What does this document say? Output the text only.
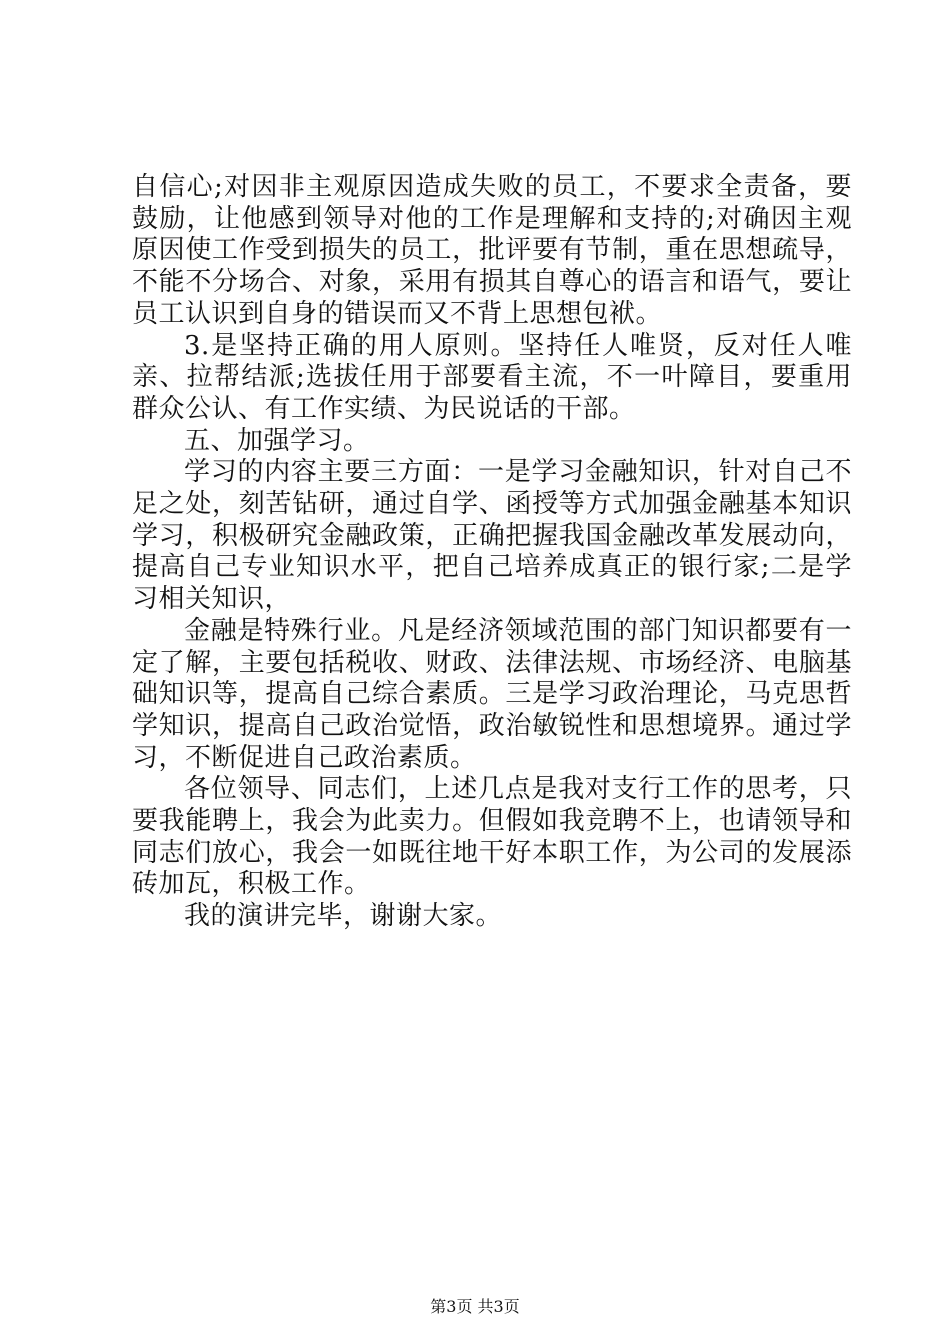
自信心;对因非主观原因造成失败的员工，不要求全责备，要鼓励，让他感到领导对他的工作是理解和支持的;对确因主观原因使工作受到损失的员工，批评要有节制，重在思想疏导，不能不分场合、对象，采用有损其自尊心的语言和语气，要让员工认识到自身的错误而又不背上思想包袱。

3.是坚持正确的用人原则。坚持任人唯贤，反对任人唯亲、拉帮结派;选拔任用于部要看主流，不一叶障目，要重用群众公认、有工作实绩、为民说话的干部。

五、加强学习。

学习的内容主要三方面：一是学习金融知识，针对自己不足之处，刻苦钻研，通过自学、函授等方式加强金融基本知识学习，积极研究金融政策，正确把握我国金融改革发展动向，提高自己专业知识水平，把自己培养成真正的银行家;二是学习相关知识，

金融是特殊行业。凡是经济领域范围的部门知识都要有一定了解，主要包括税收、财政、法律法规、市场经济、电脑基础知识等，提高自己综合素质。三是学习政治理论，马克思哲学知识，提高自己政治觉悟，政治敏锐性和思想境界。通过学习，不断促进自己政治素质。

各位领导、同志们，上述几点是我对支行工作的思考，只要我能聘上，我会为此卖力。但假如我竞聘不上，也请领导和同志们放心，我会一如既往地干好本职工作，为公司的发展添砖加瓦，积极工作。

我的演讲完毕，谢谢大家。

第3页 共3页
